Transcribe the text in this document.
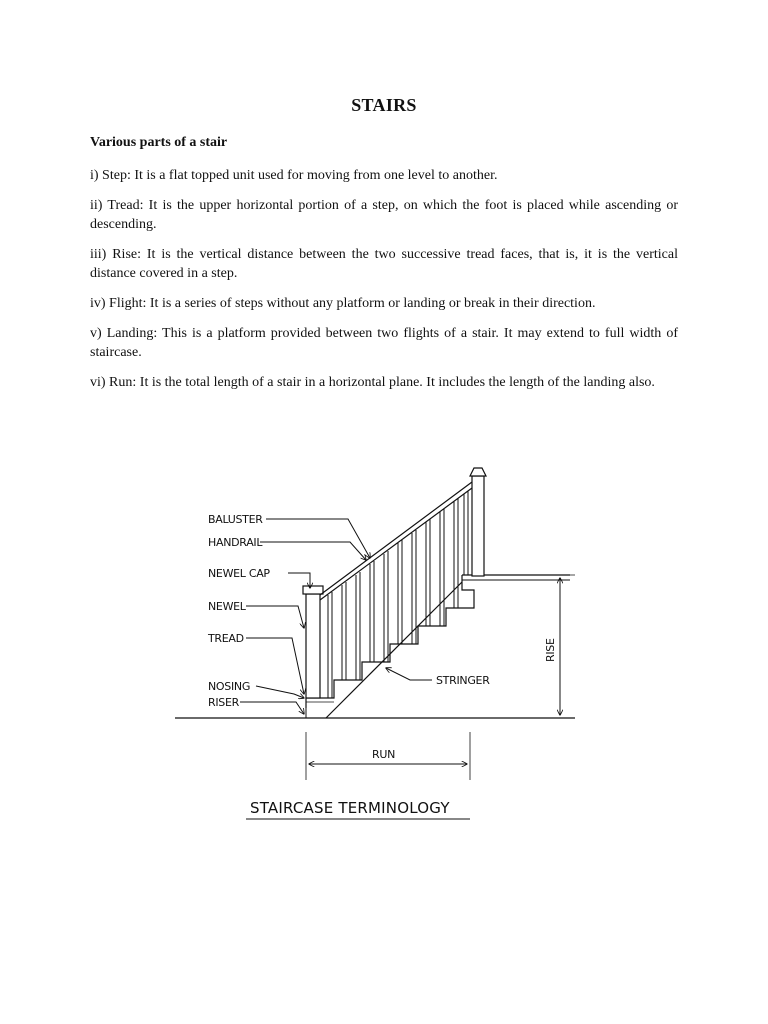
STAIRS
Various parts of a stair

i) Step: It is a flat topped unit used for moving from one level to another.

ii) Tread: It is the upper horizontal portion of a step, on which the foot is placed while ascending or descending.

iii) Rise: It is the vertical distance between the two successive tread faces, that is, it is the vertical distance covered in a step.

iv) Flight: It is a series of steps without any platform or landing or break in their direction.

v) Landing: This is a platform provided between two flights of a stair. It may extend to full width of staircase.

vi) Run: It is the total length of a stair in a horizontal plane. It includes the length of the landing also.

BALUSTER
HANDRAIL
NEWEL CAP
NEWEL
TREAD
NOSING
RISER
STRINGER
RISE
RUN
STAIRCASE TERMINOLOGY
